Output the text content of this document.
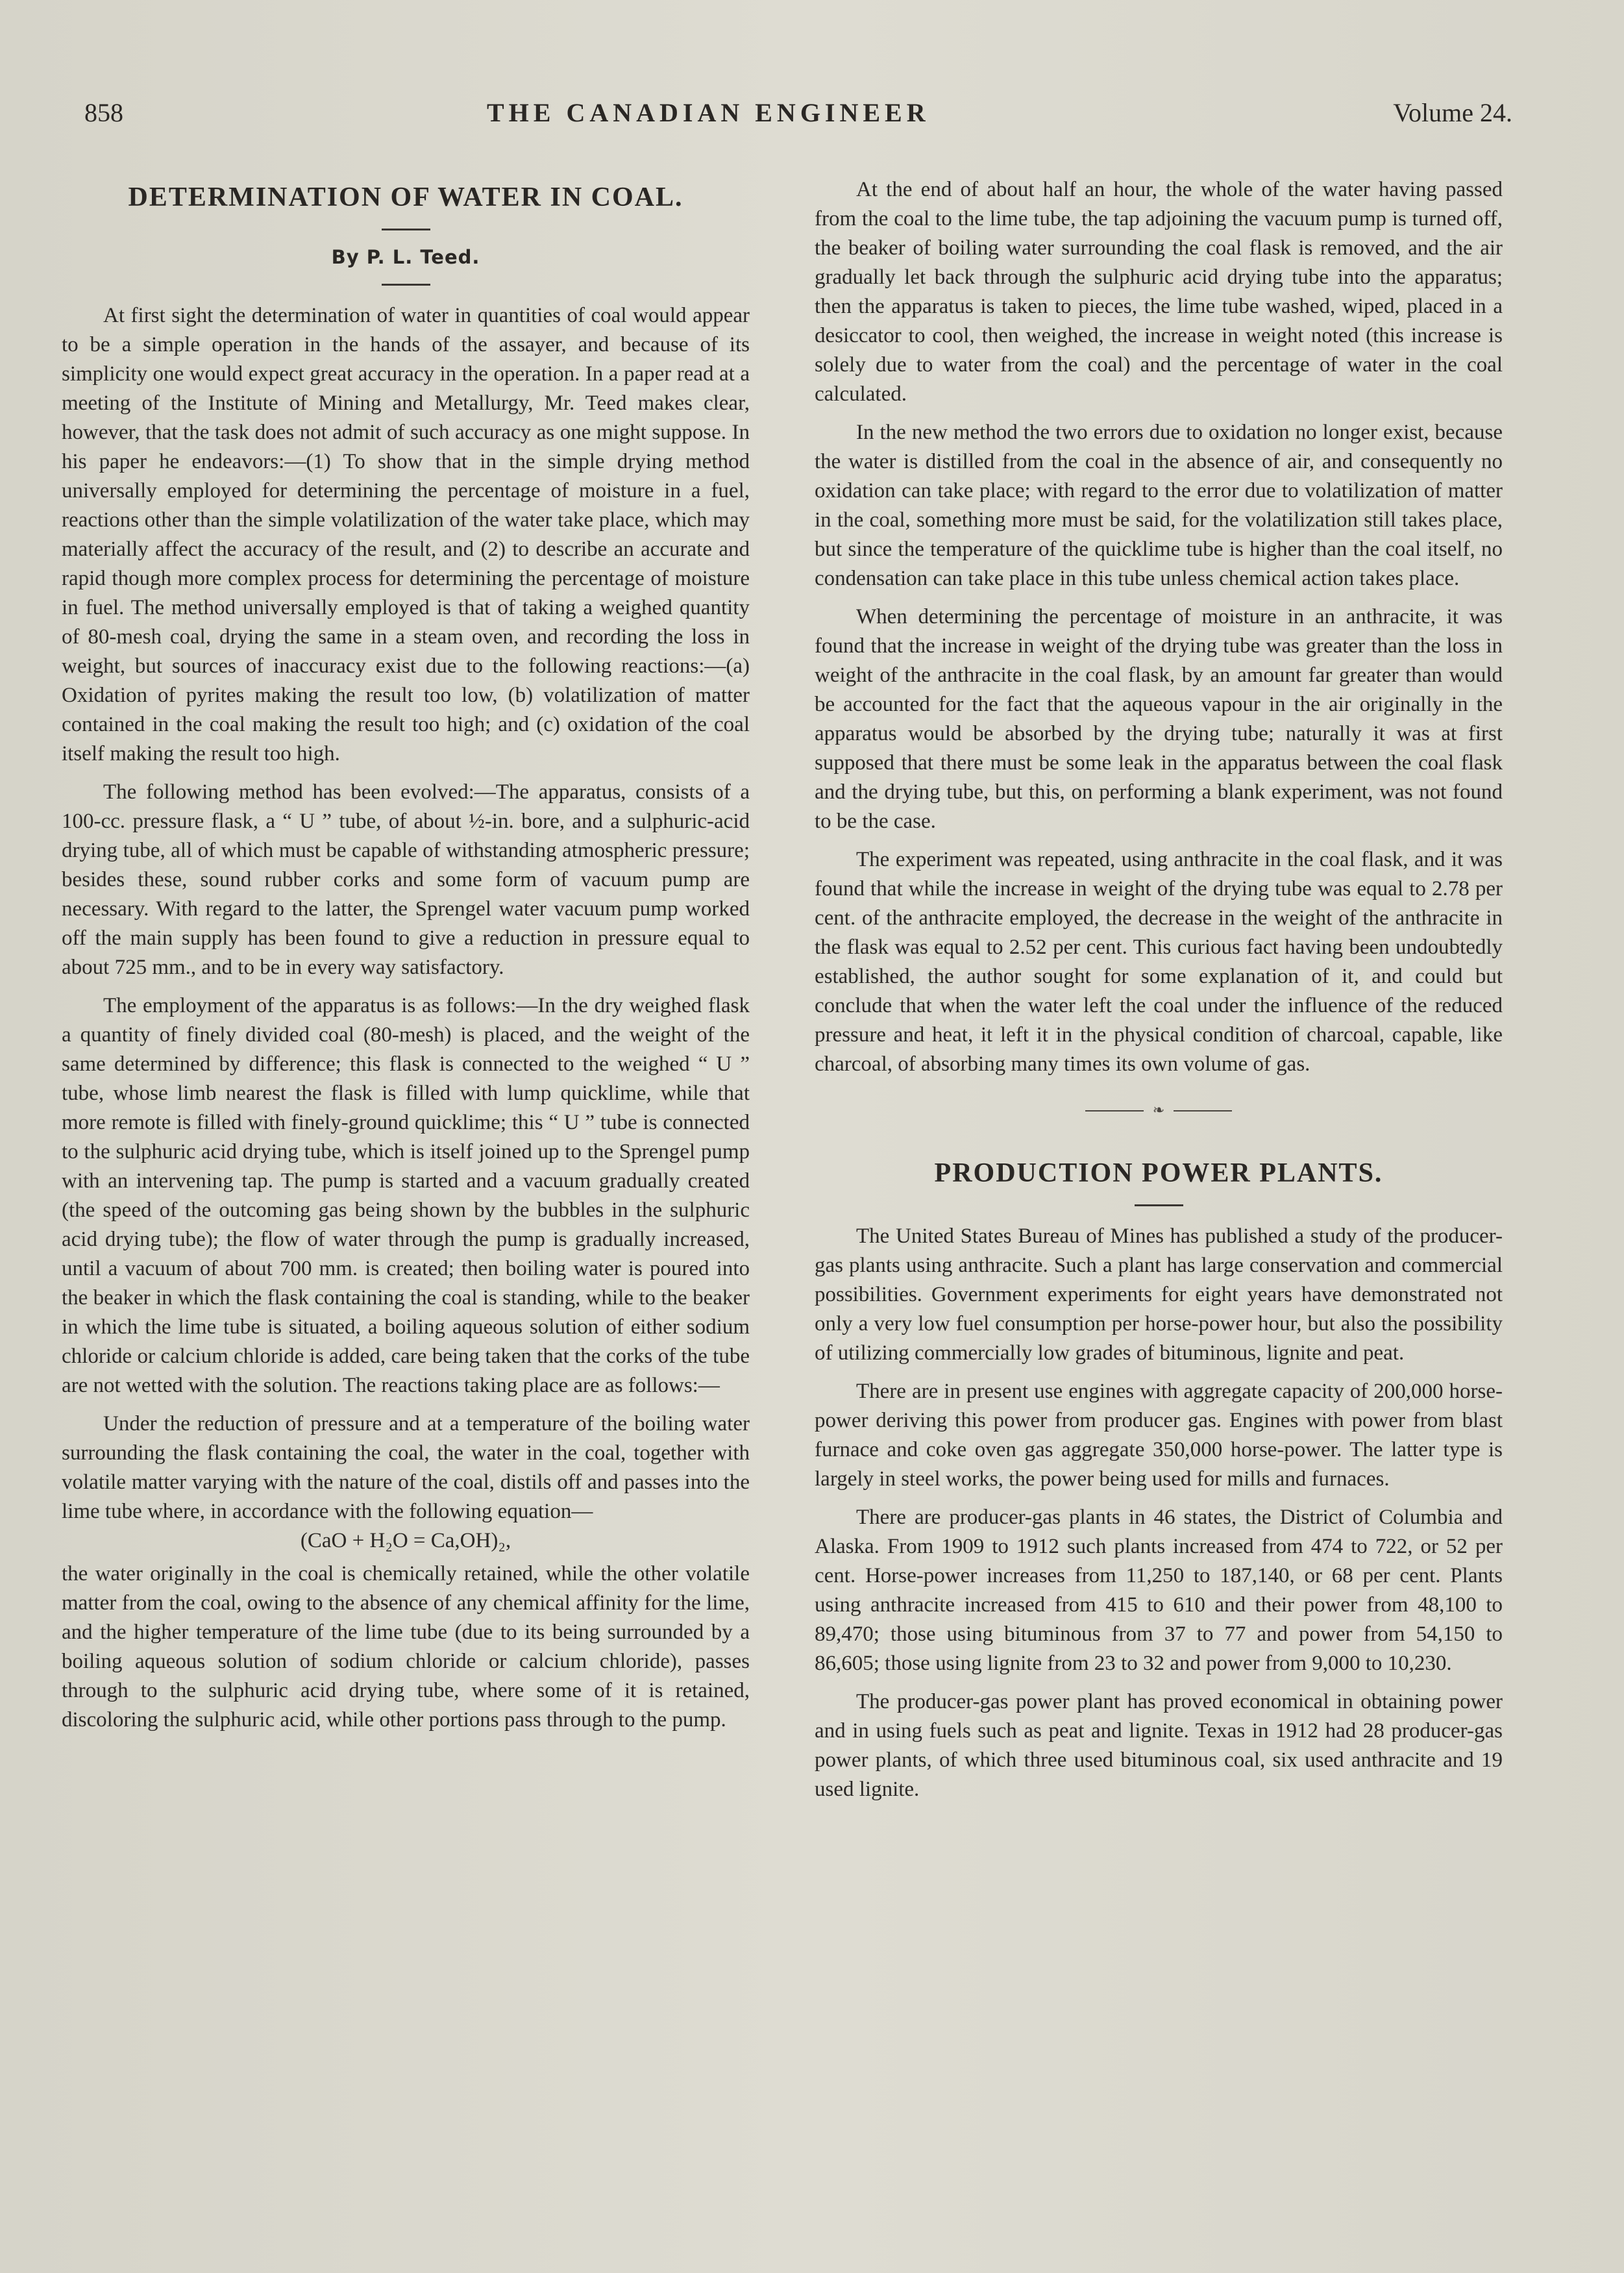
858	THE CANADIAN ENGINEER	Volume 24.
DETERMINATION OF WATER IN COAL.
By P. L. Teed.

At first sight the determination of water in quantities of coal would appear to be a simple operation in the hands of the assayer, and because of its simplicity one would expect great accuracy in the operation. In a paper read at a meeting of the Institute of Mining and Metallurgy, Mr. Teed makes clear, however, that the task does not admit of such accuracy as one might suppose. In his paper he endeavors:—(1) To show that in the simple drying method universally employed for determining the percentage of moisture in a fuel, reactions other than the simple volatilization of the water take place, which may materially affect the accuracy of the result, and (2) to describe an accurate and rapid though more complex process for determining the percentage of moisture in fuel. The method universally employed is that of taking a weighed quantity of 80-mesh coal, drying the same in a steam oven, and recording the loss in weight, but sources of inaccuracy exist due to the following reactions:—(a) Oxidation of pyrites making the result too low, (b) volatilization of matter contained in the coal making the result too high; and (c) oxidation of the coal itself making the result too high.

The following method has been evolved:—The apparatus, consists of a 100-cc. pressure flask, a “ U ” tube, of about ½-in. bore, and a sulphuric-acid drying tube, all of which must be capable of withstanding atmospheric pressure; besides these, sound rubber corks and some form of vacuum pump are necessary. With regard to the latter, the Sprengel water vacuum pump worked off the main supply has been found to give a reduction in pressure equal to about 725 mm., and to be in every way satisfactory.

The employment of the apparatus is as follows:—In the dry weighed flask a quantity of finely divided coal (80-mesh) is placed, and the weight of the same determined by difference; this flask is connected to the weighed “ U ” tube, whose limb nearest the flask is filled with lump quicklime, while that more remote is filled with finely-ground quicklime; this “ U ” tube is connected to the sulphuric acid drying tube, which is itself joined up to the Sprengel pump with an intervening tap. The pump is started and a vacuum gradually created (the speed of the outcoming gas being shown by the bubbles in the sulphuric acid drying tube); the flow of water through the pump is gradually increased, until a vacuum of about 700 mm. is created; then boiling water is poured into the beaker in which the flask containing the coal is standing, while to the beaker in which the lime tube is situated, a boiling aqueous solution of either sodium chloride or calcium chloride is added, care being taken that the corks of the tube are not wetted with the solution. The reactions taking place are as follows:—

Under the reduction of pressure and at a temperature of the boiling water surrounding the flask containing the coal, the water in the coal, together with volatile matter varying with the nature of the coal, distils off and passes into the lime tube where, in accordance with the following equation—

(CaO + H₂O = Ca,OH)₂,

the water originally in the coal is chemically retained, while the other volatile matter from the coal, owing to the absence of any chemical affinity for the lime, and the higher temperature of the lime tube (due to its being surrounded by a boiling aqueous solution of sodium chloride or calcium chloride), passes through to the sulphuric acid drying tube, where some of it is retained, discoloring the sulphuric acid, while other portions pass through to the pump.

At the end of about half an hour, the whole of the water having passed from the coal to the lime tube, the tap adjoining the vacuum pump is turned off, the beaker of boiling water surrounding the coal flask is removed, and the air gradually let back through the sulphuric acid drying tube into the apparatus; then the apparatus is taken to pieces, the lime tube washed, wiped, placed in a desiccator to cool, then weighed, the increase in weight noted (this increase is solely due to water from the coal) and the percentage of water in the coal calculated.

In the new method the two errors due to oxidation no longer exist, because the water is distilled from the coal in the absence of air, and consequently no oxidation can take place; with regard to the error due to volatilization of matter in the coal, something more must be said, for the volatilization still takes place, but since the temperature of the quicklime tube is higher than the coal itself, no condensation can take place in this tube unless chemical action takes place.

When determining the percentage of moisture in an anthracite, it was found that the increase in weight of the drying tube was greater than the loss in weight of the anthracite in the coal flask, by an amount far greater than would be accounted for the fact that the aqueous vapour in the air originally in the apparatus would be absorbed by the drying tube; naturally it was at first supposed that there must be some leak in the apparatus between the coal flask and the drying tube, but this, on performing a blank experiment, was not found to be the case.

The experiment was repeated, using anthracite in the coal flask, and it was found that while the increase in weight of the drying tube was equal to 2.78 per cent. of the anthracite employed, the decrease in the weight of the anthracite in the flask was equal to 2.52 per cent. This curious fact having been undoubtedly established, the author sought for some explanation of it, and could but conclude that when the water left the coal under the influence of the reduced pressure and heat, it left it in the physical condition of charcoal, capable, like charcoal, of absorbing many times its own volume of gas.

❧
PRODUCTION POWER PLANTS.

The United States Bureau of Mines has published a study of the producer-gas plants using anthracite. Such a plant has large conservation and commercial possibilities. Government experiments for eight years have demonstrated not only a very low fuel consumption per horse-power hour, but also the possibility of utilizing commercially low grades of bituminous, lignite and peat.

There are in present use engines with aggregate capacity of 200,000 horse-power deriving this power from producer gas. Engines with power from blast furnace and coke oven gas aggregate 350,000 horse-power. The latter type is largely in steel works, the power being used for mills and furnaces.

There are producer-gas plants in 46 states, the District of Columbia and Alaska. From 1909 to 1912 such plants increased from 474 to 722, or 52 per cent. Horse-power increases from 11,250 to 187,140, or 68 per cent. Plants using anthracite increased from 415 to 610 and their power from 48,100 to 89,470; those using bituminous from 37 to 77 and power from 54,150 to 86,605; those using lignite from 23 to 32 and power from 9,000 to 10,230.

The producer-gas power plant has proved economical in obtaining power and in using fuels such as peat and lignite. Texas in 1912 had 28 producer-gas power plants, of which three used bituminous coal, six used anthracite and 19 used lignite.
